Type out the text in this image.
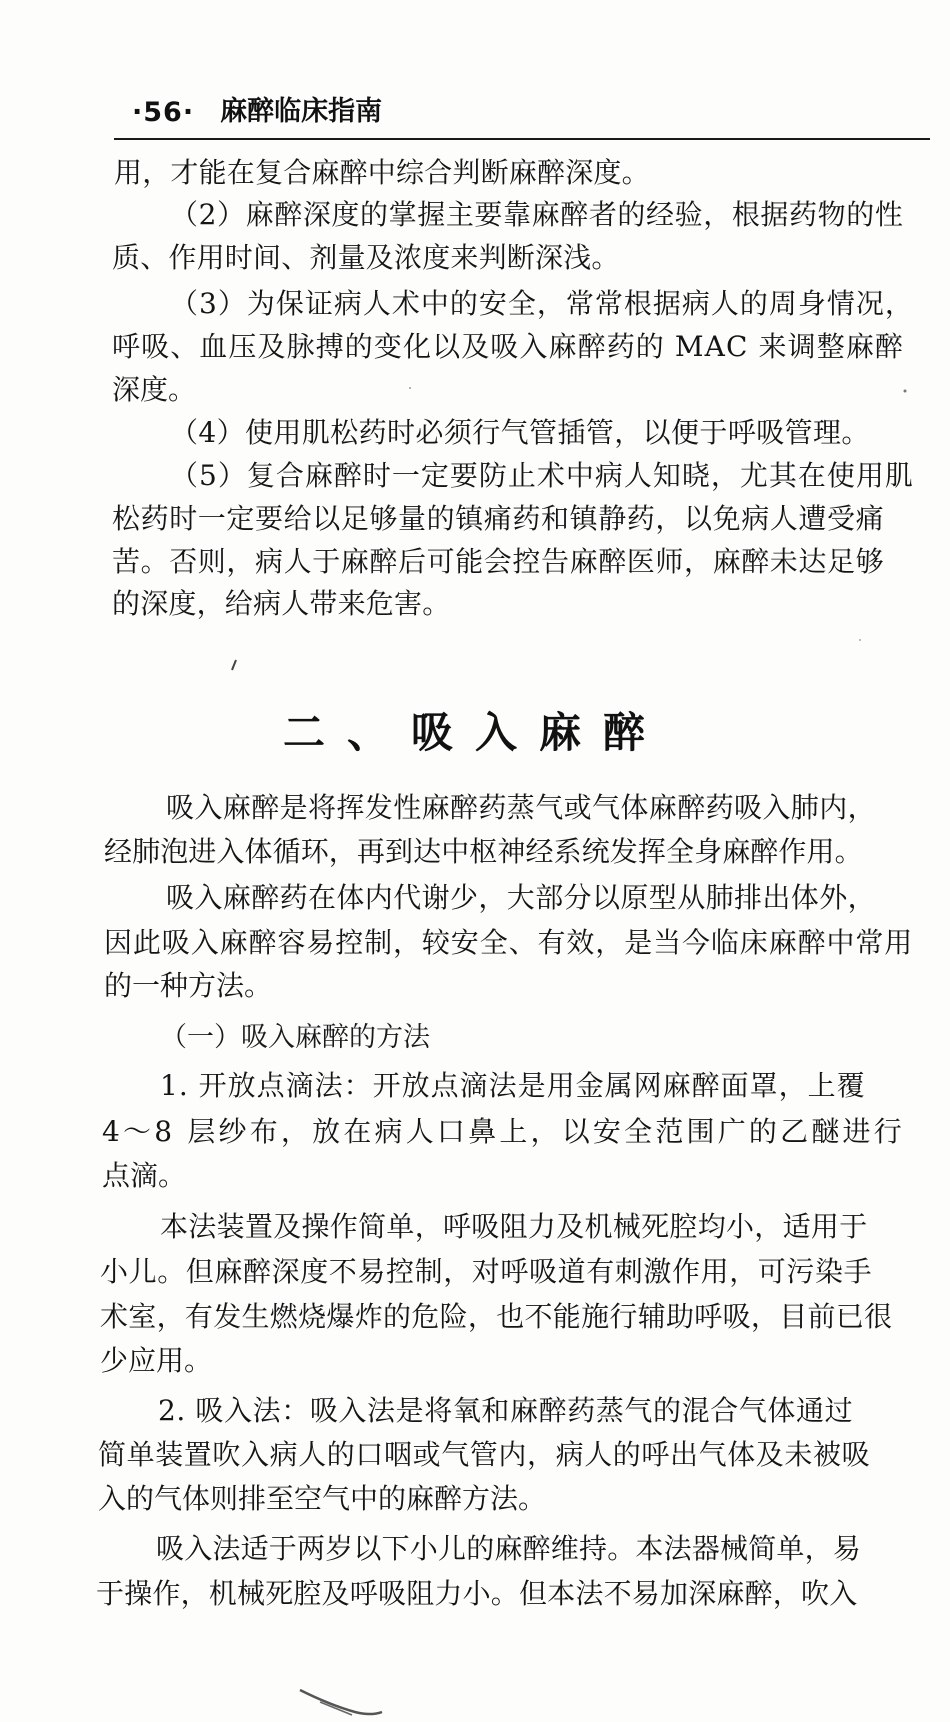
·56· 麻醉临床指南
用，才能在复合麻醉中综合判断麻醉深度。
（2）麻醉深度的掌握主要靠麻醉者的经验，根据药物的性
质、作用时间、剂量及浓度来判断深浅。
（3）为保证病人术中的安全，常常根据病人的周身情况，
呼吸、血压及脉搏的变化以及吸入麻醉药的 MAC 来调整麻醉
深度。
（4）使用肌松药时必须行气管插管，以便于呼吸管理。
（5）复合麻醉时一定要防止术中病人知晓，尤其在使用肌
松药时一定要给以足够量的镇痛药和镇静药，以免病人遭受痛
苦。否则，病人于麻醉后可能会控告麻醉医师，麻醉未达足够
的深度，给病人带来危害。
二、吸入麻醉
吸入麻醉是将挥发性麻醉药蒸气或气体麻醉药吸入肺内，
经肺泡进入体循环，再到达中枢神经系统发挥全身麻醉作用。
吸入麻醉药在体内代谢少，大部分以原型从肺排出体外，
因此吸入麻醉容易控制，较安全、有效，是当今临床麻醉中常用
的一种方法。
（一）吸入麻醉的方法
1. 开放点滴法：开放点滴法是用金属网麻醉面罩，上覆
4～8 层纱布，放在病人口鼻上，以安全范围广的乙醚进行
点滴。
本法装置及操作简单，呼吸阻力及机械死腔均小，适用于
小儿。但麻醉深度不易控制，对呼吸道有刺激作用，可污染手
术室，有发生燃烧爆炸的危险，也不能施行辅助呼吸，目前已很
少应用。
2. 吸入法：吸入法是将氧和麻醉药蒸气的混合气体通过
简单装置吹入病人的口咽或气管内，病人的呼出气体及未被吸
入的气体则排至空气中的麻醉方法。
吸入法适于两岁以下小儿的麻醉维持。本法器械简单，易
于操作，机械死腔及呼吸阻力小。但本法不易加深麻醉，吹入
